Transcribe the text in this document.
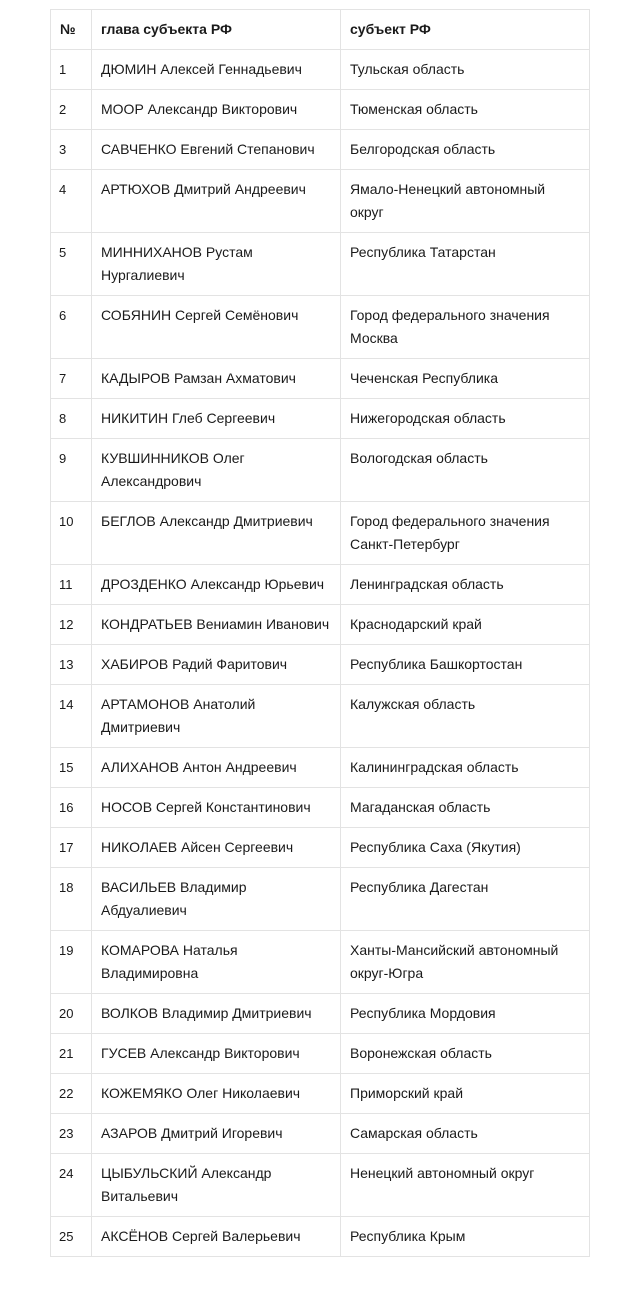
№	глава субъекта РФ	субъект РФ
1	ДЮМИН Алексей Геннадьевич	Тульская область
2	МООР Александр Викторович	Тюменская область
3	САВЧЕНКО Евгений Степанович	Белгородская область
4	АРТЮХОВ Дмитрий Андреевич	Ямало-Ненецкий автономный округ
5	МИННИХАНОВ Рустам Нургалиевич	Республика Татарстан
6	СОБЯНИН Сергей Семёнович	Город федерального значения Москва
7	КАДЫРОВ Рамзан Ахматович	Чеченская Республика
8	НИКИТИН Глеб Сергеевич	Нижегородская область
9	КУВШИННИКОВ Олег Александрович	Вологодская область
10	БЕГЛОВ Александр Дмитриевич	Город федерального значения Санкт-Петербург
11	ДРОЗДЕНКО Александр Юрьевич	Ленинградская область
12	КОНДРАТЬЕВ Вениамин Иванович	Краснодарский край
13	ХАБИРОВ Радий Фаритович	Республика Башкортостан
14	АРТАМОНОВ Анатолий Дмитриевич	Калужская область
15	АЛИХАНОВ Антон Андреевич	Калининградская область
16	НОСОВ Сергей Константинович	Магаданская область
17	НИКОЛАЕВ Айсен Сергеевич	Республика Саха (Якутия)
18	ВАСИЛЬЕВ Владимир Абдуалиевич	Республика Дагестан
19	КОМАРОВА Наталья Владимировна	Ханты-Мансийский автономный округ-Югра
20	ВОЛКОВ Владимир Дмитриевич	Республика Мордовия
21	ГУСЕВ Александр Викторович	Воронежская область
22	КОЖЕМЯКО Олег Николаевич	Приморский край
23	АЗАРОВ Дмитрий Игоревич	Самарская область
24	ЦЫБУЛЬСКИЙ Александр Витальевич	Ненецкий автономный округ
25	АКСЁНОВ Сергей Валерьевич	Республика Крым
